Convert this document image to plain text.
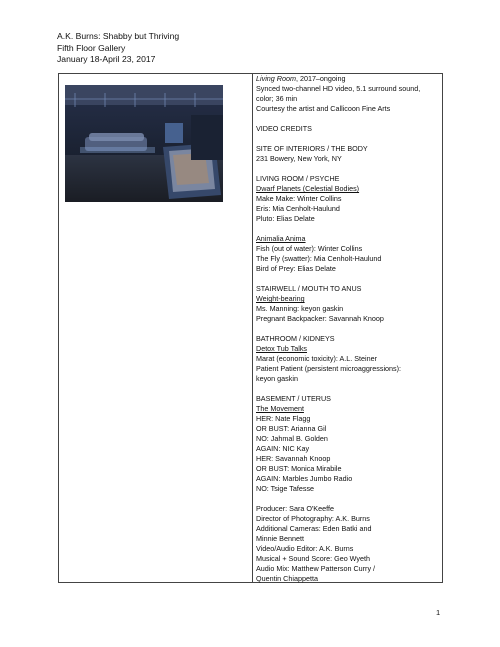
A.K. Burns: Shabby but Thriving
Fifth Floor Gallery
January 18-April 23, 2017

Living Room, 2017–ongoing

Synced two-channel HD video, 5.1 surround sound,

color; 36 min

Courtesy the artist and Callicoon Fine Arts

VIDEO CREDITS

SITE OF INTERIORS / THE BODY

231 Bowery, New York, NY

LIVING ROOM / PSYCHE

Dwarf Planets (Celestial Bodies)

Make Make: Winter Collins

Eris: Mia Cenholt-Haulund

Pluto: Elias Delate

Animalia Anima

Fish (out of water): Winter Collins

The Fly (swatter): Mia Cenholt-Haulund

Bird of Prey: Elias Delate

STAIRWELL / MOUTH TO ANUS

Weight-bearing

Ms. Manning: keyon gaskin

Pregnant Backpacker: Savannah Knoop

BATHROOM / KIDNEYS

Detox Tub Talks

Marat (economic toxicity): A.L. Steiner

Patient Patient (persistent microaggressions):

keyon gaskin

BASEMENT / UTERUS

The Movement

HER: Nate Flagg

OR BUST: Arianna Gil

NO: Jahmal B. Golden

AGAIN: NIC Kay

HER: Savannah Knoop

OR BUST: Monica Mirabile

AGAIN: Marbles Jumbo Radio

NO: Tsige Tafesse

Producer: Sara O'Keeffe

Director of Photography: A.K. Burns

Additional Cameras: Eden Batki and

Minnie Bennett

Video/Audio Editor: A.K. Burns

Musical + Sound Score: Geo Wyeth

Audio Mix: Matthew Patterson Curry /

Quentin Chiappetta

1
